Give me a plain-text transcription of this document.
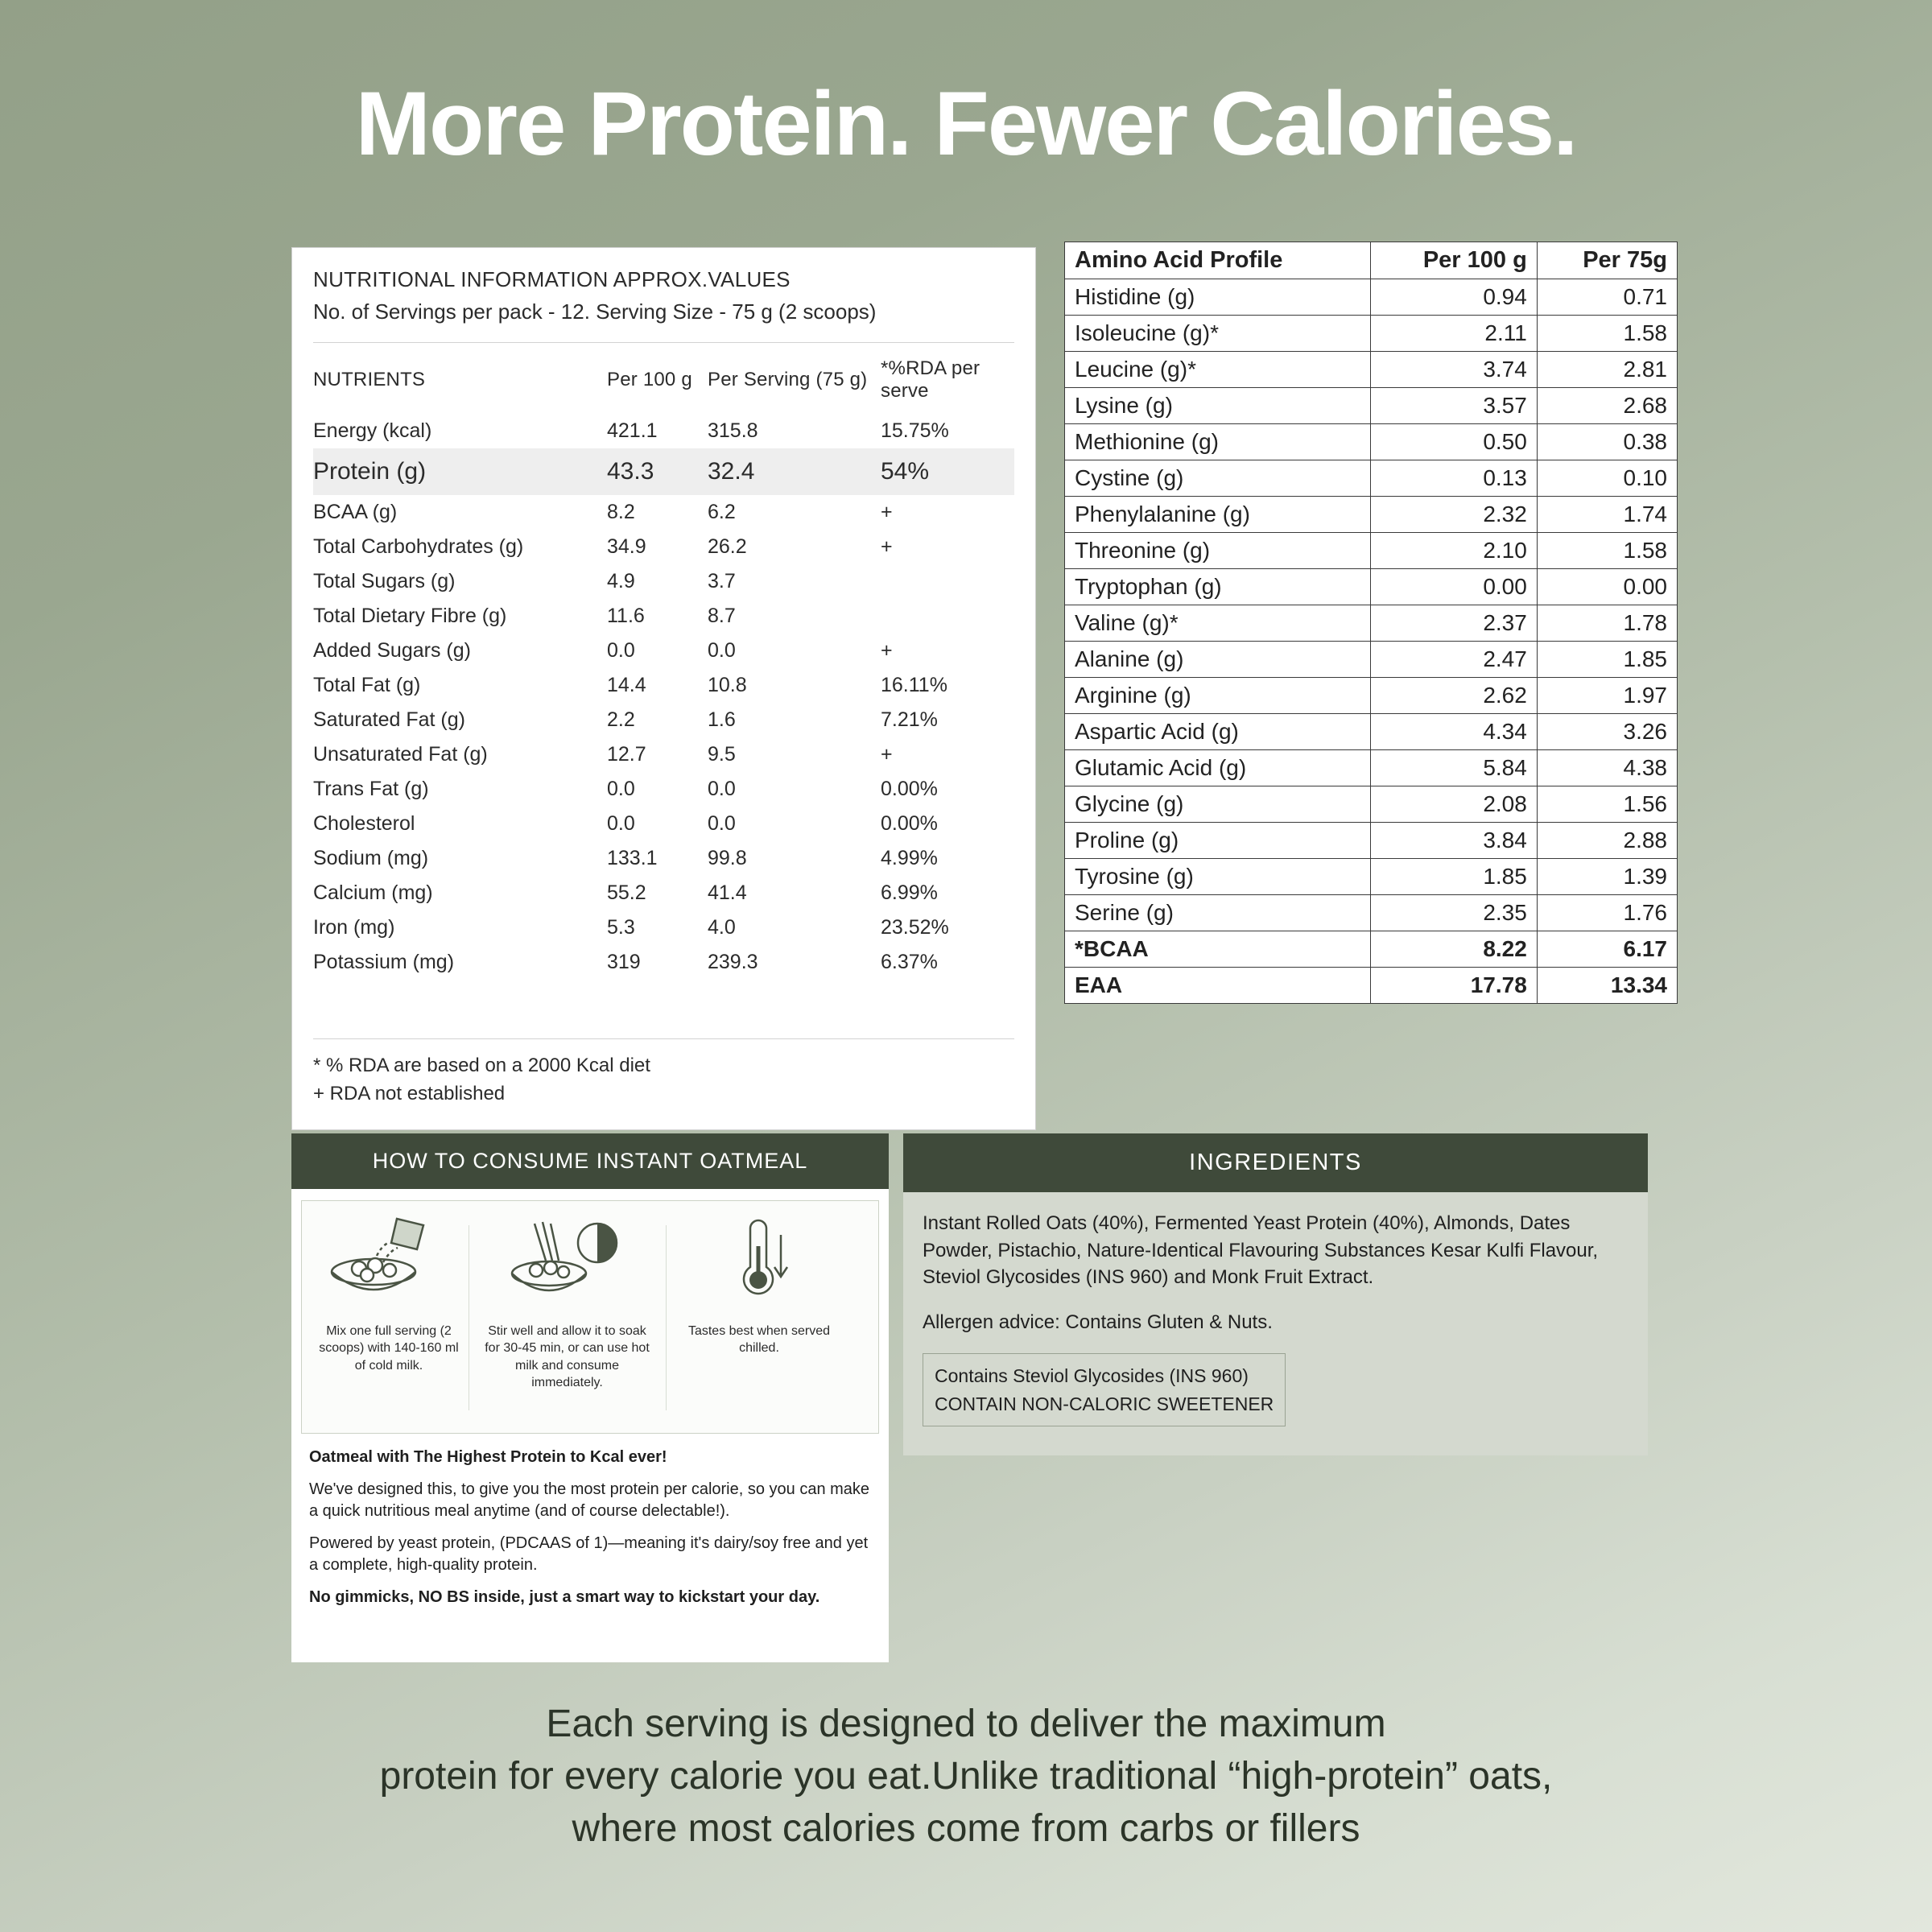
More Protein. Fewer Calories.
NUTRITIONAL INFORMATION APPROX.VALUES
No. of Servings per pack - 12. Serving Size - 75 g (2 scoops)
NUTRIENTS	Per 100 g	Per Serving (75 g)	*%RDA per serve
Energy (kcal)	421.1	315.8	15.75%
Protein (g)	43.3	32.4	54%
BCAA (g)	8.2	6.2	+
Total Carbohydrates (g)	34.9	26.2	+
Total Sugars (g)	4.9	3.7	
Total Dietary Fibre (g)	11.6	8.7	
Added Sugars (g)	0.0	0.0	+
Total Fat (g)	14.4	10.8	16.11%
Saturated Fat (g)	2.2	1.6	7.21%
Unsaturated Fat (g)	12.7	9.5	+
Trans Fat (g)	0.0	0.0	0.00%
Cholesterol	0.0	0.0	0.00%
Sodium (mg)	133.1	99.8	4.99%
Calcium (mg)	55.2	41.4	6.99%
Iron (mg)	5.3	4.0	23.52%
Potassium (mg)	319	239.3	6.37%
* % RDA are based on a 2000 Kcal diet
+ RDA not established
Amino Acid Profile	Per 100 g	Per 75g
Histidine (g)	0.94	0.71
Isoleucine (g)*	2.11	1.58
Leucine (g)*	3.74	2.81
Lysine (g)	3.57	2.68
Methionine (g)	0.50	0.38
Cystine (g)	0.13	0.10
Phenylalanine (g)	2.32	1.74
Threonine (g)	2.10	1.58
Tryptophan (g)	0.00	0.00
Valine (g)*	2.37	1.78
Alanine (g)	2.47	1.85
Arginine (g)	2.62	1.97
Aspartic Acid (g)	4.34	3.26
Glutamic Acid (g)	5.84	4.38
Glycine (g)	2.08	1.56
Proline (g)	3.84	2.88
Tyrosine (g)	1.85	1.39
Serine (g)	2.35	1.76
*BCAA	8.22	6.17
EAA	17.78	13.34
HOW TO CONSUME INSTANT OATMEAL
Mix one full serving (2 scoops) with 140-160 ml of cold milk.
Stir well and allow it to soak for 30-45 min, or can use hot milk and consume immediately.
Tastes best when served chilled.

Oatmeal with The Highest Protein to Kcal ever!

We've designed this, to give you the most protein per calorie, so you can make a quick nutritious meal anytime (and of course delectable!).

Powered by yeast protein, (PDCAAS of 1)—meaning it's dairy/soy free and yet a complete, high-quality protein.

No gimmicks, NO BS inside, just a smart way to kickstart your day.

INGREDIENTS

Instant Rolled Oats (40%), Fermented Yeast Protein (40%), Almonds, Dates Powder, Pistachio, Nature-Identical Flavouring Substances Kesar Kulfi Flavour, Steviol Glycosides (INS 960) and Monk Fruit Extract.

Allergen advice: Contains Gluten & Nuts.

Contains Steviol Glycosides (INS 960)
CONTAIN NON-CALORIC SWEETENER
Each serving is designed to deliver the maximum
protein for every calorie you eat.Unlike traditional “high-protein” oats,
where most calories come from carbs or fillers
